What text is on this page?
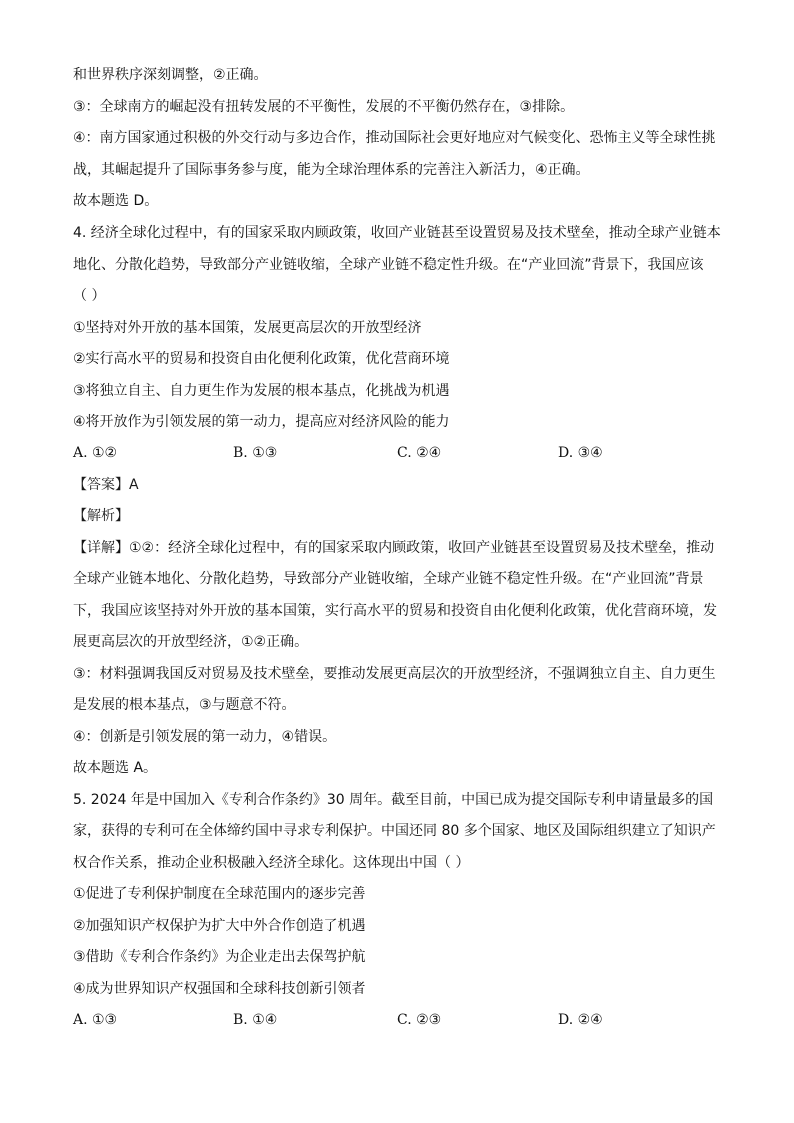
和世界秩序深刻调整，②正确。
③：全球南方的崛起没有扭转发展的不平衡性，发展的不平衡仍然存在，③排除。
④：南方国家通过积极的外交行动与多边合作，推动国际社会更好地应对气候变化、恐怖主义等全球性挑
战，其崛起提升了国际事务参与度，能为全球治理体系的完善注入新活力，④正确。
故本题选 D。
4. 经济全球化过程中，有的国家采取内顾政策，收回产业链甚至设置贸易及技术壁垒，推动全球产业链本
地化、分散化趋势，导致部分产业链收缩，全球产业链不稳定性升级。在“产业回流”背景下，我国应该
（ ）
①坚持对外开放的基本国策，发展更高层次的开放型经济
②实行高水平的贸易和投资自由化便利化政策，优化营商环境
③将独立自主、自力更生作为发展的根本基点，化挑战为机遇
④将开放作为引领发展的第一动力，提高应对经济风险的能力
A. ①②	B. ①③	C. ②④	D. ③④
【答案】A
【解析】
【详解】①②：经济全球化过程中，有的国家采取内顾政策，收回产业链甚至设置贸易及技术壁垒，推动
全球产业链本地化、分散化趋势，导致部分产业链收缩，全球产业链不稳定性升级。在“产业回流”背景
下，我国应该坚持对外开放的基本国策，实行高水平的贸易和投资自由化便利化政策，优化营商环境，发
展更高层次的开放型经济，①②正确。
③：材料强调我国反对贸易及技术壁垒，要推动发展更高层次的开放型经济，不强调独立自主、自力更生
是发展的根本基点，③与题意不符。
④：创新是引领发展的第一动力，④错误。
故本题选 A。
5. 2024 年是中国加入《专利合作条约》30 周年。截至目前，中国已成为提交国际专利申请量最多的国
家，获得的专利可在全体缔约国中寻求专利保护。中国还同 80 多个国家、地区及国际组织建立了知识产
权合作关系，推动企业积极融入经济全球化。这体现出中国（ ）
①促进了专利保护制度在全球范围内的逐步完善
②加强知识产权保护为扩大中外合作创造了机遇
③借助《专利合作条约》为企业走出去保驾护航
④成为世界知识产权强国和全球科技创新引领者
A. ①③	B. ①④	C. ②③	D. ②④
